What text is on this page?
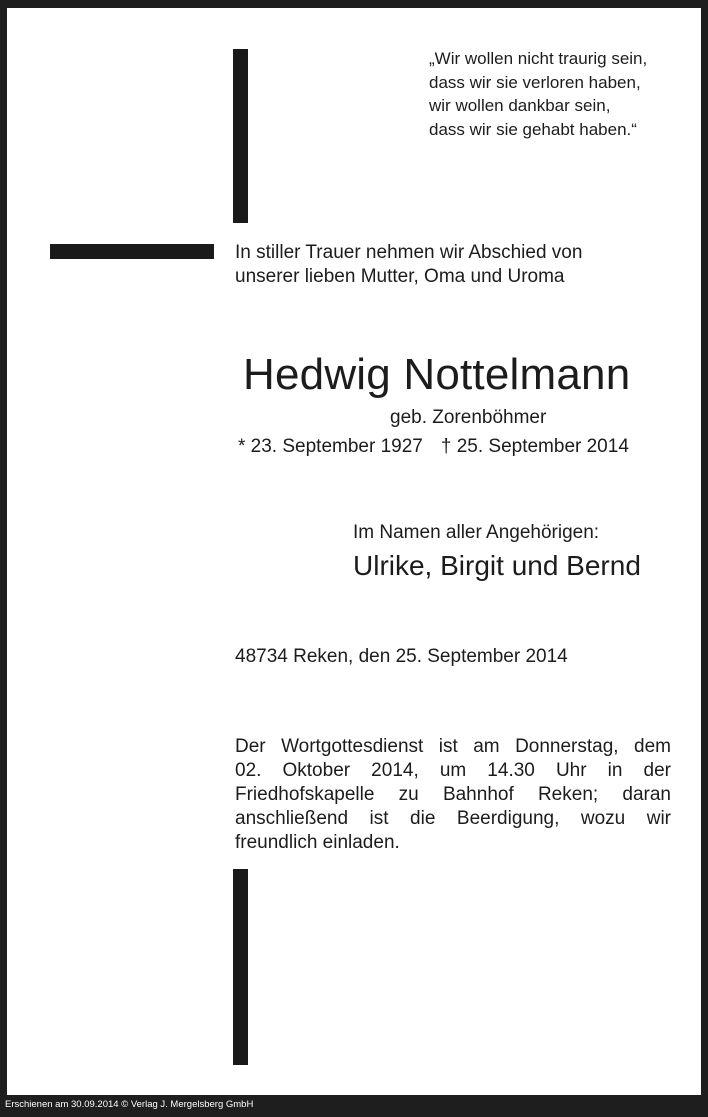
„Wir wollen nicht traurig sein,
dass wir sie verloren haben,
wir wollen dankbar sein,
dass wir sie gehabt haben.“
In stiller Trauer nehmen wir Abschied von
unserer lieben Mutter, Oma und Uroma
Hedwig Nottelmann
geb. Zorenböhmer
* 23. September 1927 † 25. September 2014
Im Namen aller Angehörigen:
Ulrike, Birgit und Bernd
48734 Reken, den 25. September 2014
Der Wortgottesdienst ist am Donnerstag, dem
02. Oktober 2014, um 14.30 Uhr in der
Friedhofskapelle zu Bahnhof Reken; daran
anschließend ist die Beerdigung, wozu wir
freundlich einladen.
Erschienen am 30.09.2014 © Verlag J. Mergelsberg GmbH
